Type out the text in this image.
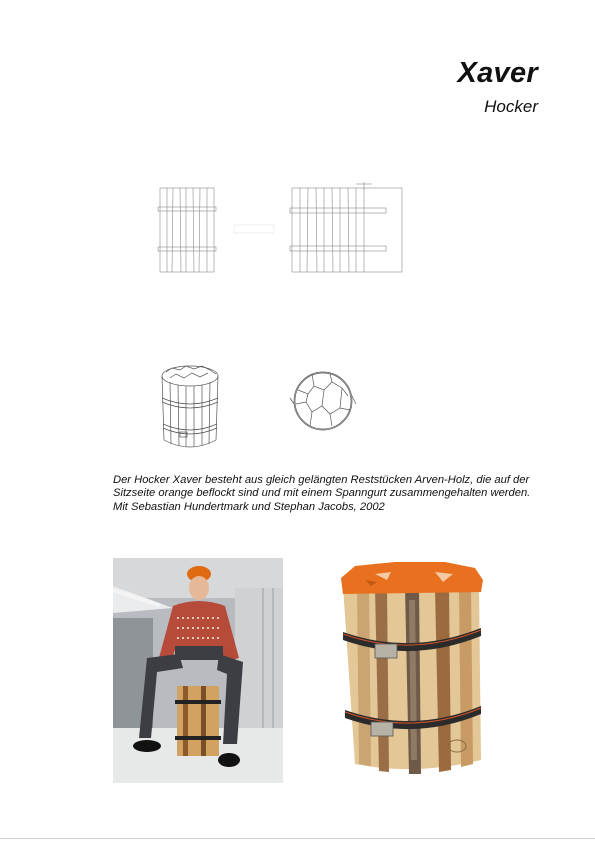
Xaver
Hocker

Der Hocker Xaver besteht aus gleich gelängten Reststücken Arven-Holz, die auf der Sitzseite orange beflockt sind und mit einem Spanngurt zusammengehalten werden.

Mit Sebastian Hundertmark und Stephan Jacobs, 2002
